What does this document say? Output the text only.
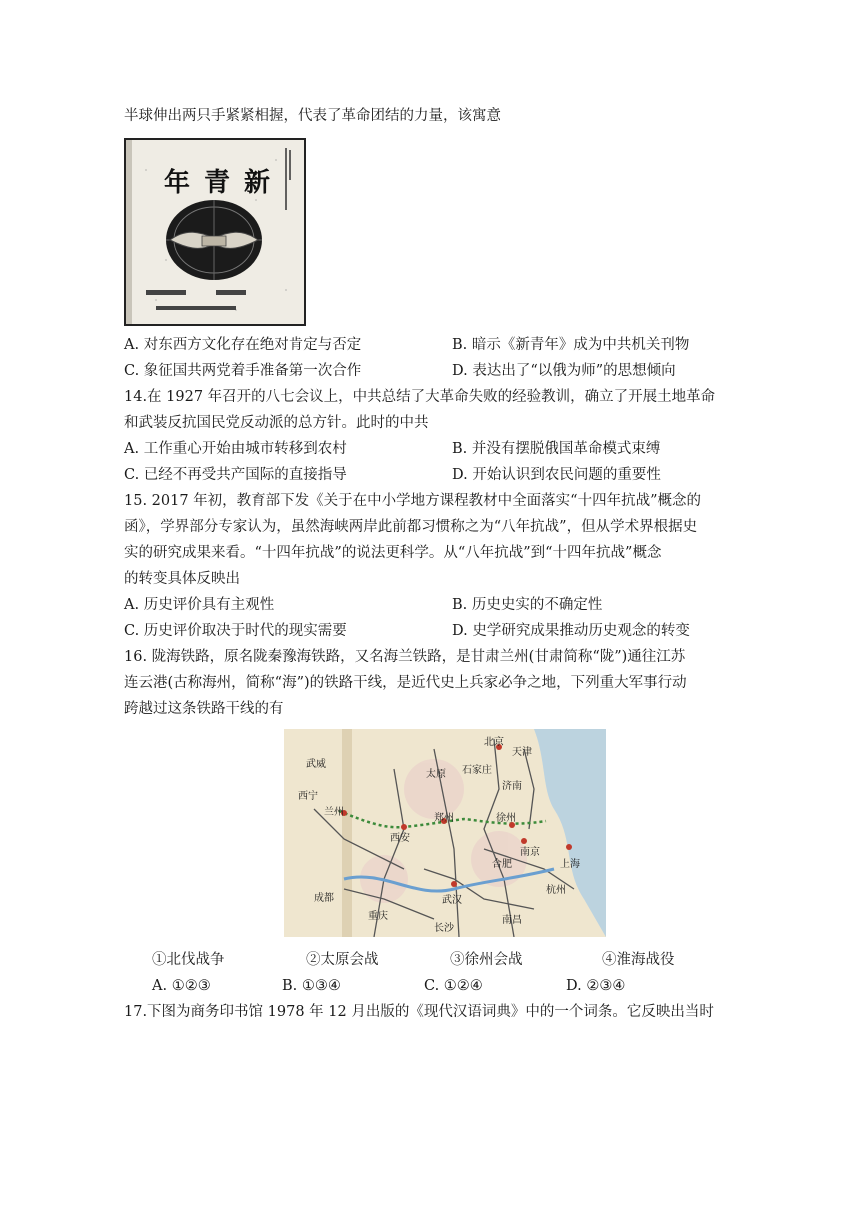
半球伸出两只手紧紧相握，代表了革命团结的力量，该寓意
年青新
A. 对东西方文化存在绝对肯定与否定	B. 暗示《新青年》成为中共机关刊物
C. 象征国共两党着手准备第一次合作	D. 表达出了“以俄为师”的思想倾向
14.在 1927 年召开的八七会议上，中共总结了大革命失败的经验教训，确立了开展土地革命
和武装反抗国民党反动派的总方针。此时的中共
A. 工作重心开始由城市转移到农村	B. 并没有摆脱俄国革命模式束缚
C. 已经不再受共产国际的直接指导	D. 开始认识到农民问题的重要性
15. 2017 年初，教育部下发《关于在中小学地方课程教材中全面落实“十四年抗战”概念的
函》，学界部分专家认为，虽然海峡两岸此前都习惯称之为“八年抗战”，但从学术界根据史
实的研究成果来看。“十四年抗战”的说法更科学。从“八年抗战”到“十四年抗战”概念
的转变具体反映出
A. 历史评价具有主观性	B. 历史史实的不确定性
C. 历史评价取决于时代的现实需要	D. 史学研究成果推动历史观念的转变
16. 陇海铁路，原名陇秦豫海铁路，又名海兰铁路，是甘肃兰州(甘肃简称“陇”)通往江苏
连云港(古称海州，简称“海”)的铁路干线，是近代史上兵家必争之地，下列重大军事行动
跨越过这条铁路干线的有
北京
天津
太原 石家庄
济南
西宁
兰州
西安
郑州	徐州
南京
合肥	上海
武汉
杭州
成都
重庆
长沙
南昌
武威
①北伐战争	②太原会战	③徐州会战	④淮海战役
A. ①②③	B. ①③④	C. ①②④	D. ②③④
17.下图为商务印书馆 1978 年 12 月出版的《现代汉语词典》中的一个词条。它反映出当时
